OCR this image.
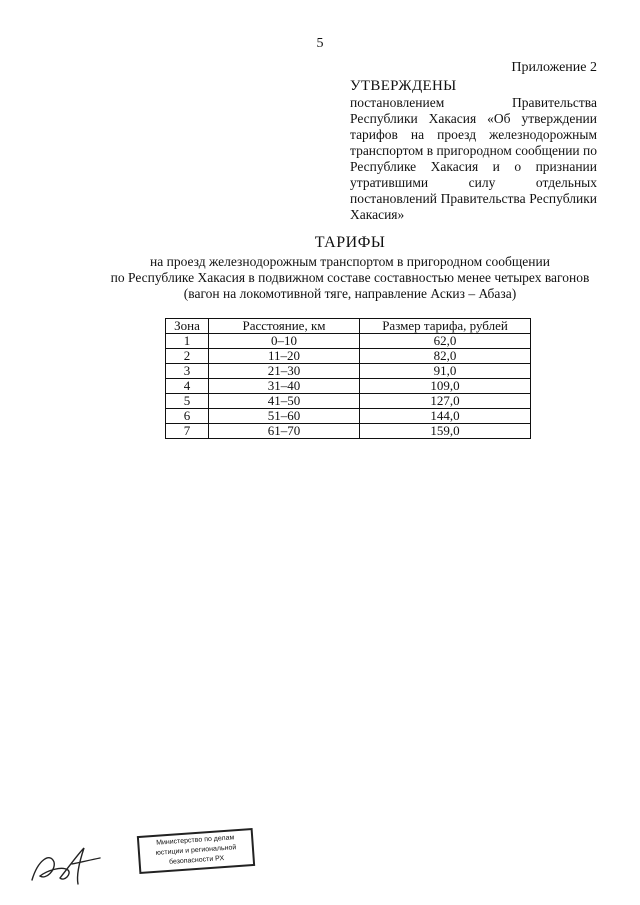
5
Приложение 2
УТВЕРЖДЕНЫ
постановлением Правительства Республики Хакасия «Об утверждении тарифов на проезд железнодорожным транспортом в пригородном сообщении по Республике Хакасия и о признании утратившими силу отдельных постановлений Правительства Республики Хакасия»
ТАРИФЫ
на проезд железнодорожным транспортом в пригородном сообщении
по Республике Хакасия в подвижном составе составностью менее четырех вагонов
(вагон на локомотивной тяге, направление Аскиз – Абаза)
Зона	Расстояние, км	Размер тарифа, рублей
1	0–10	62,0
2	11–20	82,0
3	21–30	91,0
4	31–40	109,0
5	41–50	127,0
6	51–60	144,0
7	61–70	159,0
Министерство по делам
юстиции и региональной
безопасности РХ
